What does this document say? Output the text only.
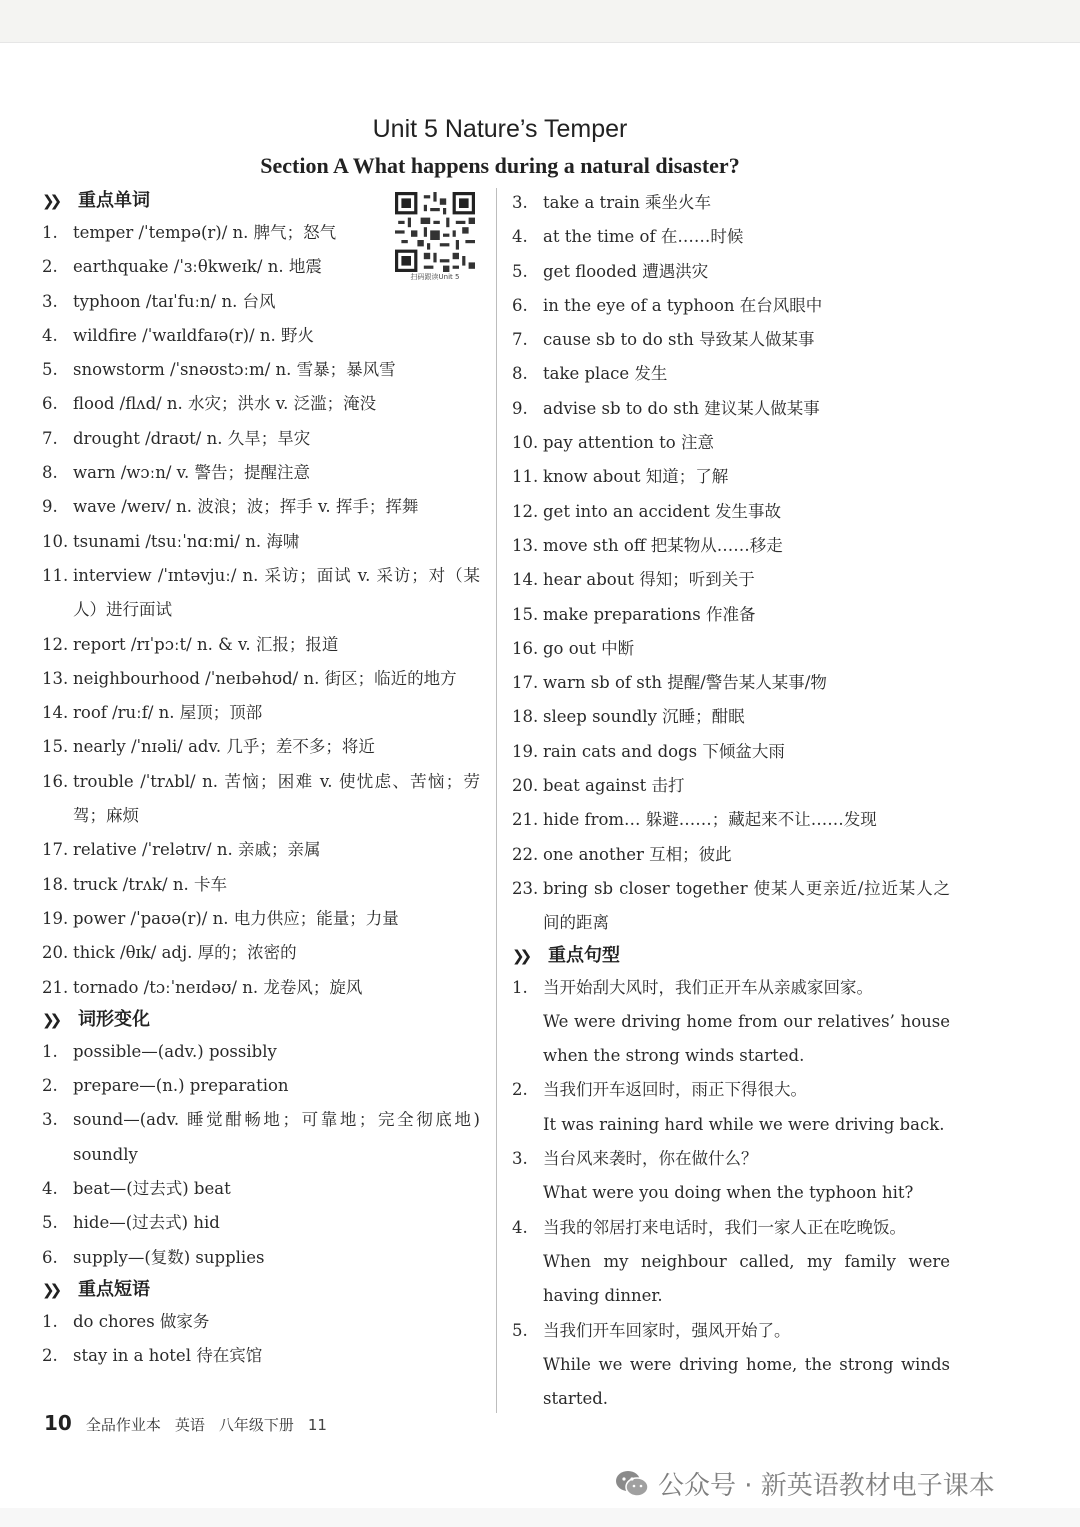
Unit 5 Nature’s Temper
Section A What happens during a natural disaster?
扫码跟读Unit 5
❯❯	重点单词
1. temper /ˈtempə(r)/ n. 脾气；怒气
2. earthquake /ˈɜːθkweɪk/ n. 地震
3. typhoon /taɪˈfuːn/ n. 台风
4. wildfire /ˈwaɪldfaɪə(r)/ n. 野火
5. snowstorm /ˈsnəʊstɔːm/ n. 雪暴；暴风雪
6. flood /flʌd/ n. 水灾；洪水 v. 泛滥；淹没
7. drought /draʊt/ n. 久旱；旱灾
8. warn /wɔːn/ v. 警告；提醒注意
9. wave /weɪv/ n. 波浪；波；挥手 v. 挥手；挥舞
10. tsunami /tsuːˈnɑːmi/ n. 海啸
11. interview /ˈɪntəvjuː/ n. 采访；面试 v. 采访；对（某人）进行面试
12. report /rɪˈpɔːt/ n. & v. 汇报；报道
13. neighbourhood /ˈneɪbəhʊd/ n. 街区；临近的地方
14. roof /ruːf/ n. 屋顶；顶部
15. nearly /ˈnɪəli/ adv. 几乎；差不多；将近
16. trouble /ˈtrʌbl/ n. 苦恼；困难 v. 使忧虑、苦恼；劳驾；麻烦
17. relative /ˈrelətɪv/ n. 亲戚；亲属
18. truck /trʌk/ n. 卡车
19. power /ˈpaʊə(r)/ n. 电力供应；能量；力量
20. thick /θɪk/ adj. 厚的；浓密的
21. tornado /tɔːˈneɪdəʊ/ n. 龙卷风；旋风
❯❯	词形变化
1. possible—(adv.) possibly
2. prepare—(n.) preparation
3. sound—(adv. 睡觉酣畅地；可靠地；完全彻底地) soundly
4. beat—(过去式) beat
5. hide—(过去式) hid
6. supply—(复数) supplies
❯❯	重点短语
1. do chores 做家务
2. stay in a hotel 待在宾馆
3. take a train 乘坐火车
4. at the time of 在……时候
5. get flooded 遭遇洪灾
6. in the eye of a typhoon 在台风眼中
7. cause sb to do sth 导致某人做某事
8. take place 发生
9. advise sb to do sth 建议某人做某事
10. pay attention to 注意
11. know about 知道；了解
12. get into an accident 发生事故
13. move sth off 把某物从……移走
14. hear about 得知；听到关于
15. make preparations 作准备
16. go out 中断
17. warn sb of sth 提醒/警告某人某事/物
18. sleep soundly 沉睡；酣眠
19. rain cats and dogs 下倾盆大雨
20. beat against 击打
21. hide from… 躲避……；藏起来不让……发现
22. one another 互相；彼此
23. bring sb closer together 使某人更亲近/拉近某人之间的距离
❯❯	重点句型
1. 当开始刮大风时，我们正开车从亲戚家回家。
We were driving home from our relatives’ house when the strong winds started.
2. 当我们开车返回时，雨正下得很大。
It was raining hard while we were driving back.
3. 当台风来袭时，你在做什么？
What were you doing when the typhoon hit?
4. 当我的邻居打来电话时，我们一家人正在吃晚饭。
When my neighbour called, my family were having dinner.
5. 当我们开车回家时，强风开始了。
While we were driving home, the strong winds started.
10 全品作业本 英语 八年级下册 11
公众号 · 新英语教材电子课本
